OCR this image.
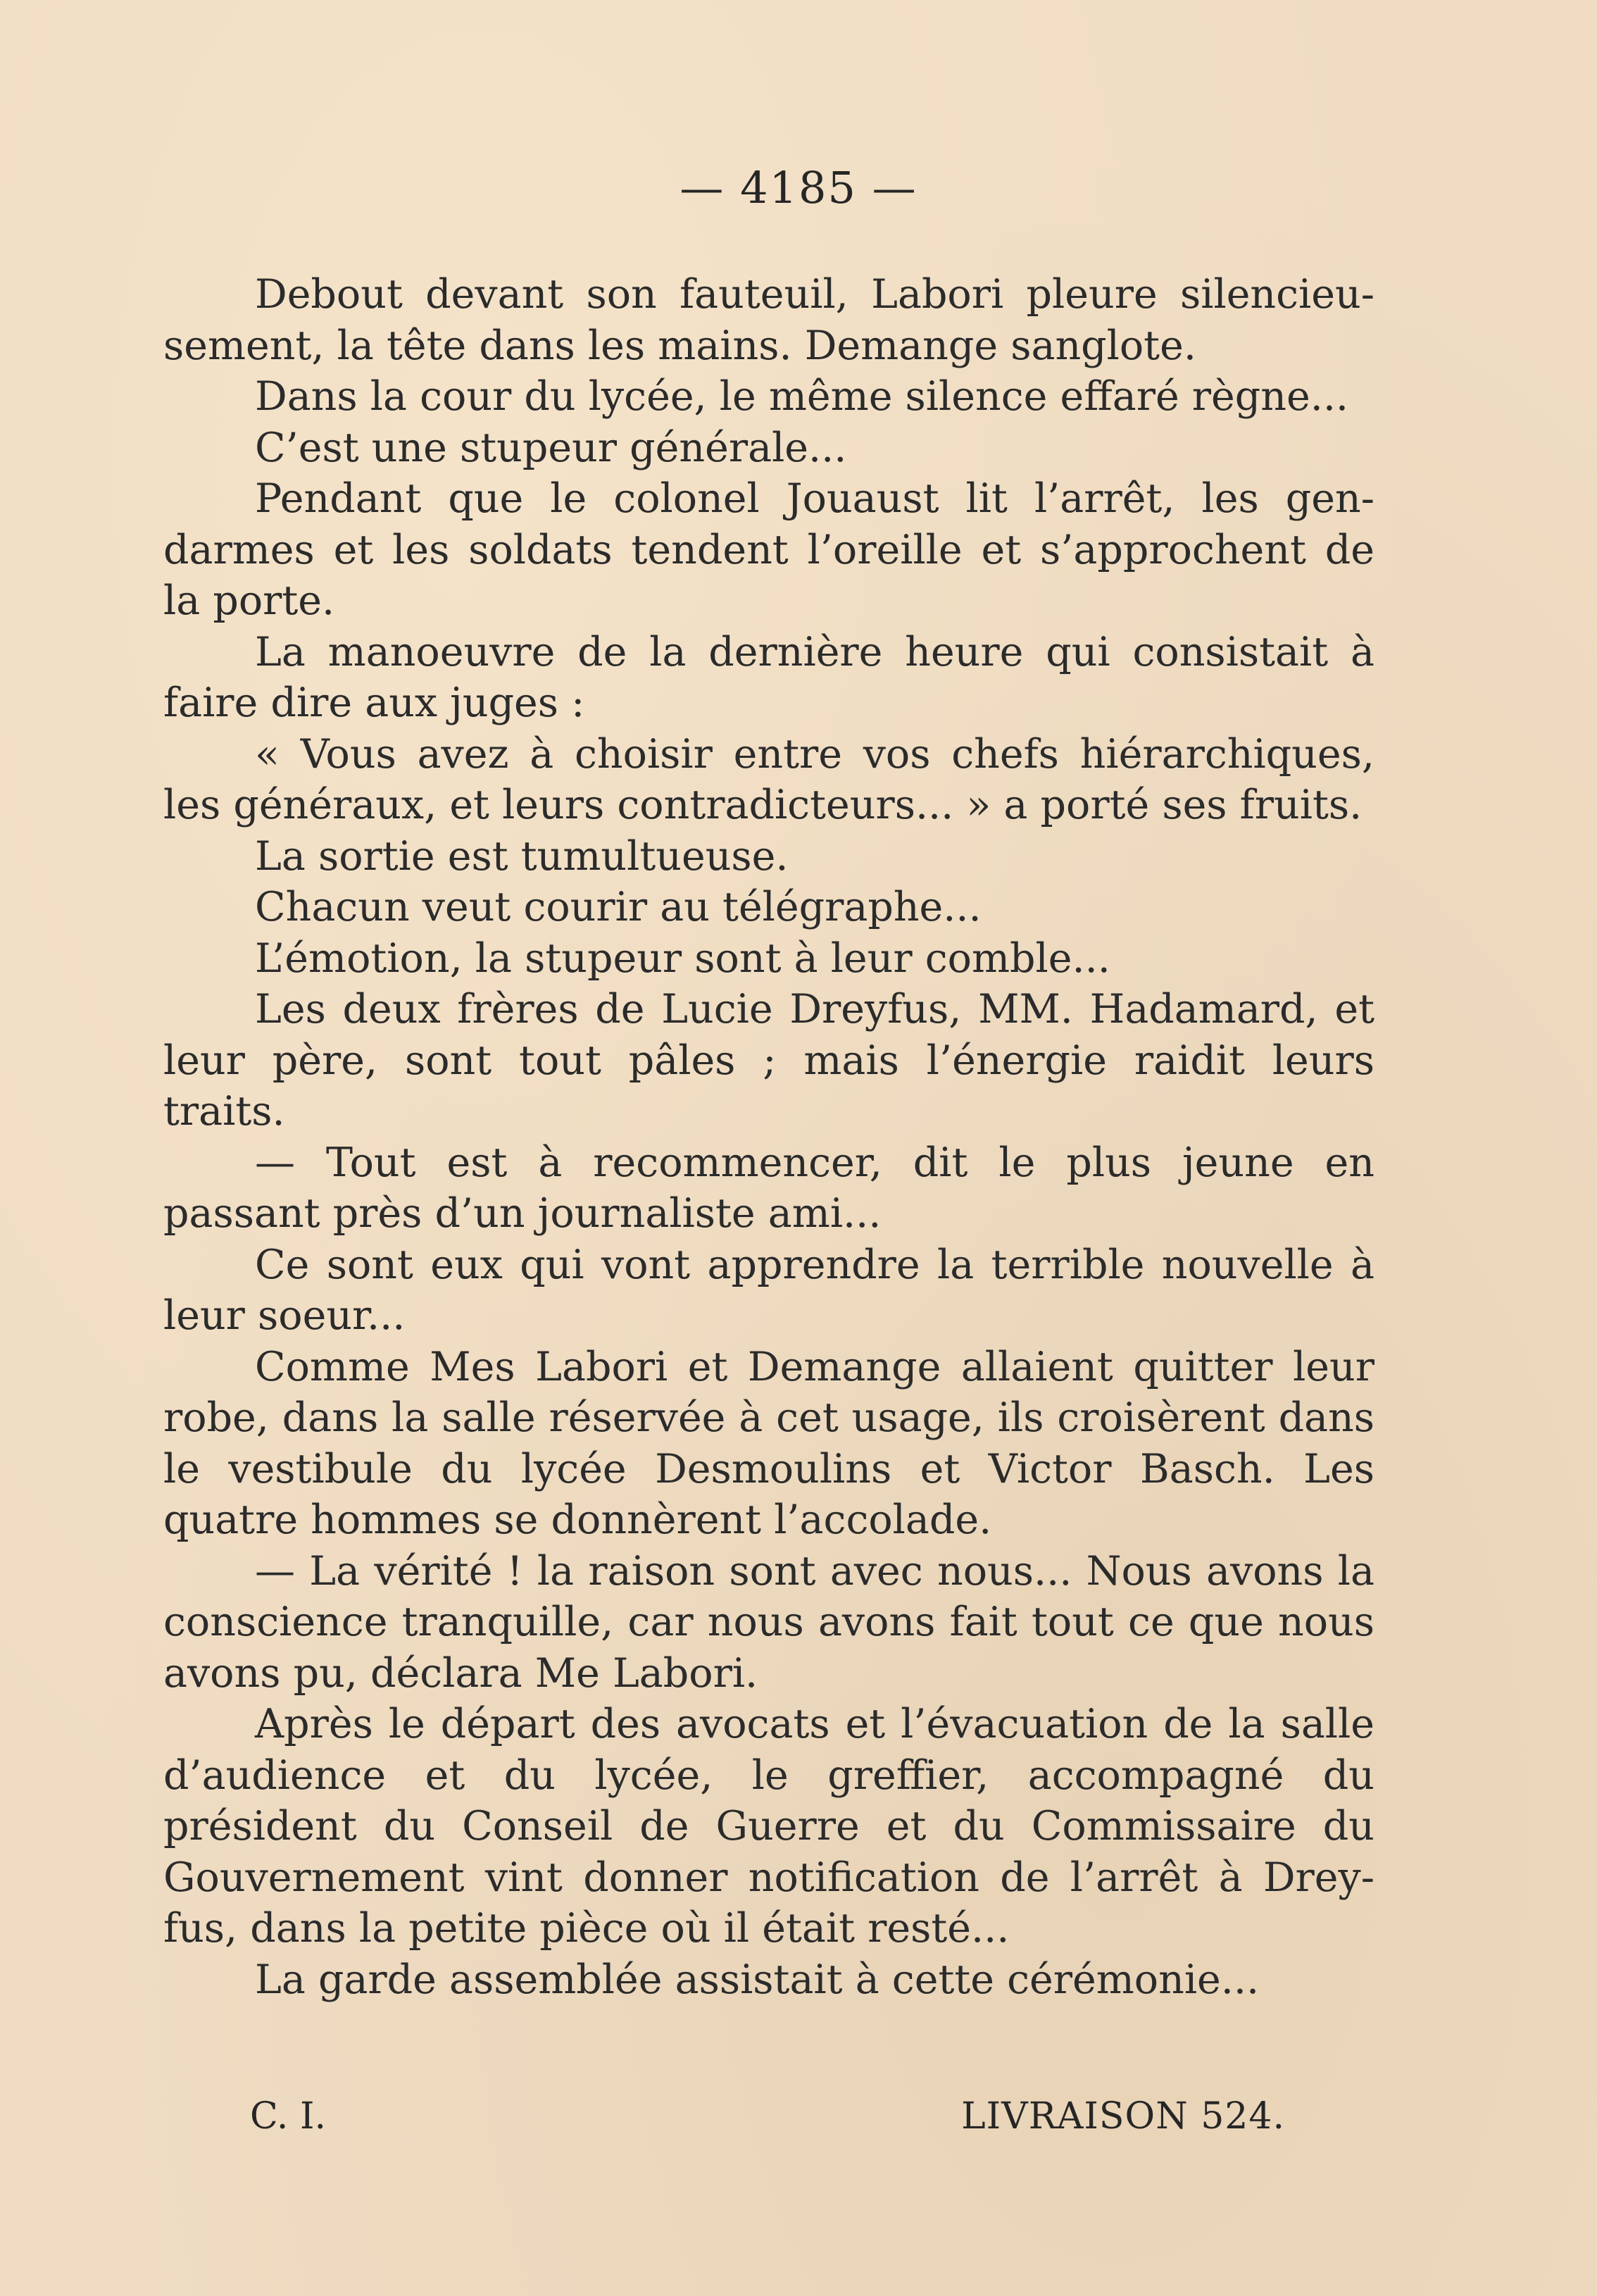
— 4185 —

Debout devant son fauteuil, Labori pleure silencieusement, la tête dans les mains. Demange sanglote.

Dans la cour du lycée, le même silence effaré règne...

C’est une stupeur générale...

Pendant que le colonel Jouaust lit l’arrêt, les gendarmes et les soldats tendent l’oreille et s’approchent de la porte.

La manoeuvre de la dernière heure qui consistait à faire dire aux juges :

« Vous avez à choisir entre vos chefs hiérarchiques, les généraux, et leurs contradicteurs... » a porté ses fruits.

La sortie est tumultueuse.

Chacun veut courir au télégraphe...

L’émotion, la stupeur sont à leur comble...

Les deux frères de Lucie Dreyfus, MM. Hadamard, et leur père, sont tout pâles ; mais l’énergie raidit leurs traits.

— Tout est à recommencer, dit le plus jeune en passant près d’un journaliste ami...

Ce sont eux qui vont apprendre la terrible nouvelle à leur soeur...

Comme Mes Labori et Demange allaient quitter leur robe, dans la salle réservée à cet usage, ils croisèrent dans le vestibule du lycée Desmoulins et Victor Basch. Les quatre hommes se donnèrent l’accolade.

— La vérité ! la raison sont avec nous... Nous avons la conscience tranquille, car nous avons fait tout ce que nous avons pu, déclara Me Labori.

Après le départ des avocats et l’évacuation de la salle d’audience et du lycée, le greffier, accompagné du président du Conseil de Guerre et du Commissaire du Gouvernement vint donner notification de l’arrêt à Dreyfus, dans la petite pièce où il était resté...

La garde assemblée assistait à cette cérémonie...

C. I.	LIVRAISON 524.
